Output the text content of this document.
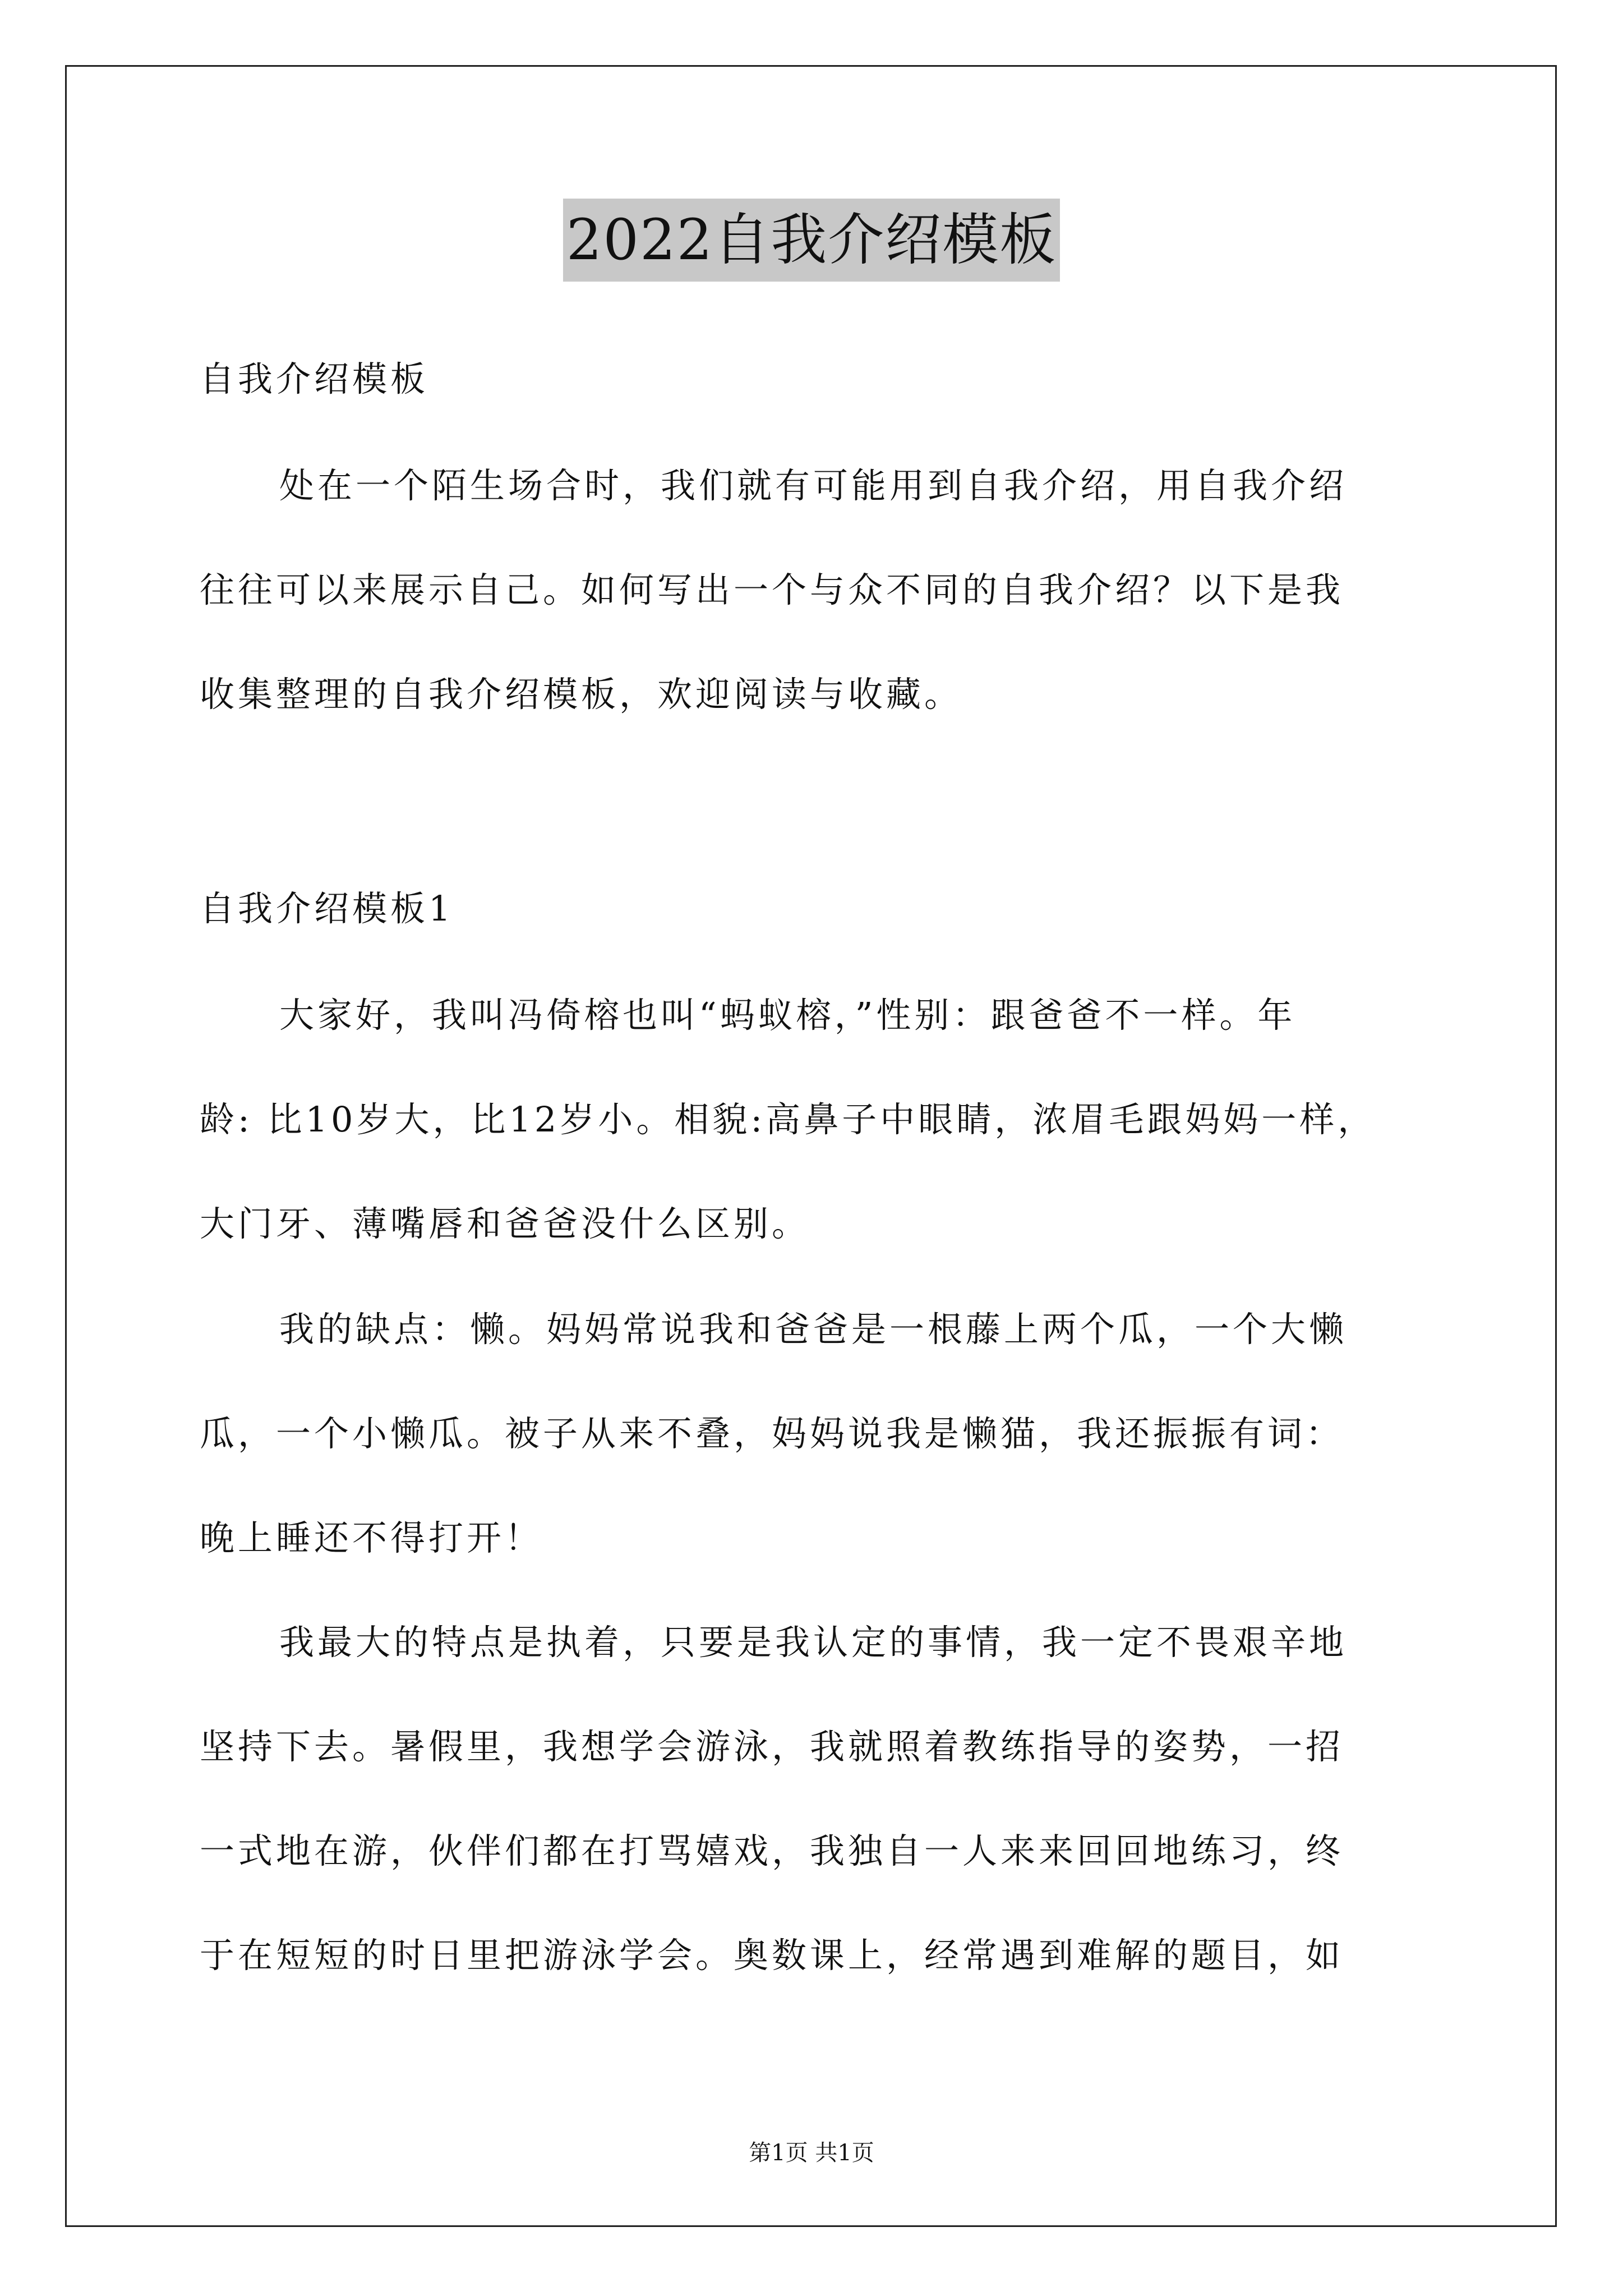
2022自我介绍模板
自我介绍模板
处在一个陌生场合时，我们就有可能用到自我介绍，用自我介绍
往往可以来展示自己。如何写出一个与众不同的自我介绍？以下是我
收集整理的自我介绍模板，欢迎阅读与收藏。
自我介绍模板1
大家好，我叫冯倚榕也叫“蚂蚁榕，”性别：跟爸爸不一样。年
龄: 比10岁大，比12岁小。相貌:高鼻子中眼睛，浓眉毛跟妈妈一样，
大门牙、薄嘴唇和爸爸没什么区别。
我的缺点：懒。妈妈常说我和爸爸是一根藤上两个瓜，一个大懒
瓜，一个小懒瓜。被子从来不叠，妈妈说我是懒猫，我还振振有词：
晚上睡还不得打开！
我最大的特点是执着，只要是我认定的事情，我一定不畏艰辛地
坚持下去。暑假里，我想学会游泳，我就照着教练指导的姿势，一招
一式地在游，伙伴们都在打骂嬉戏，我独自一人来来回回地练习，终
于在短短的时日里把游泳学会。奥数课上，经常遇到难解的题目，如
第1页 共1页
